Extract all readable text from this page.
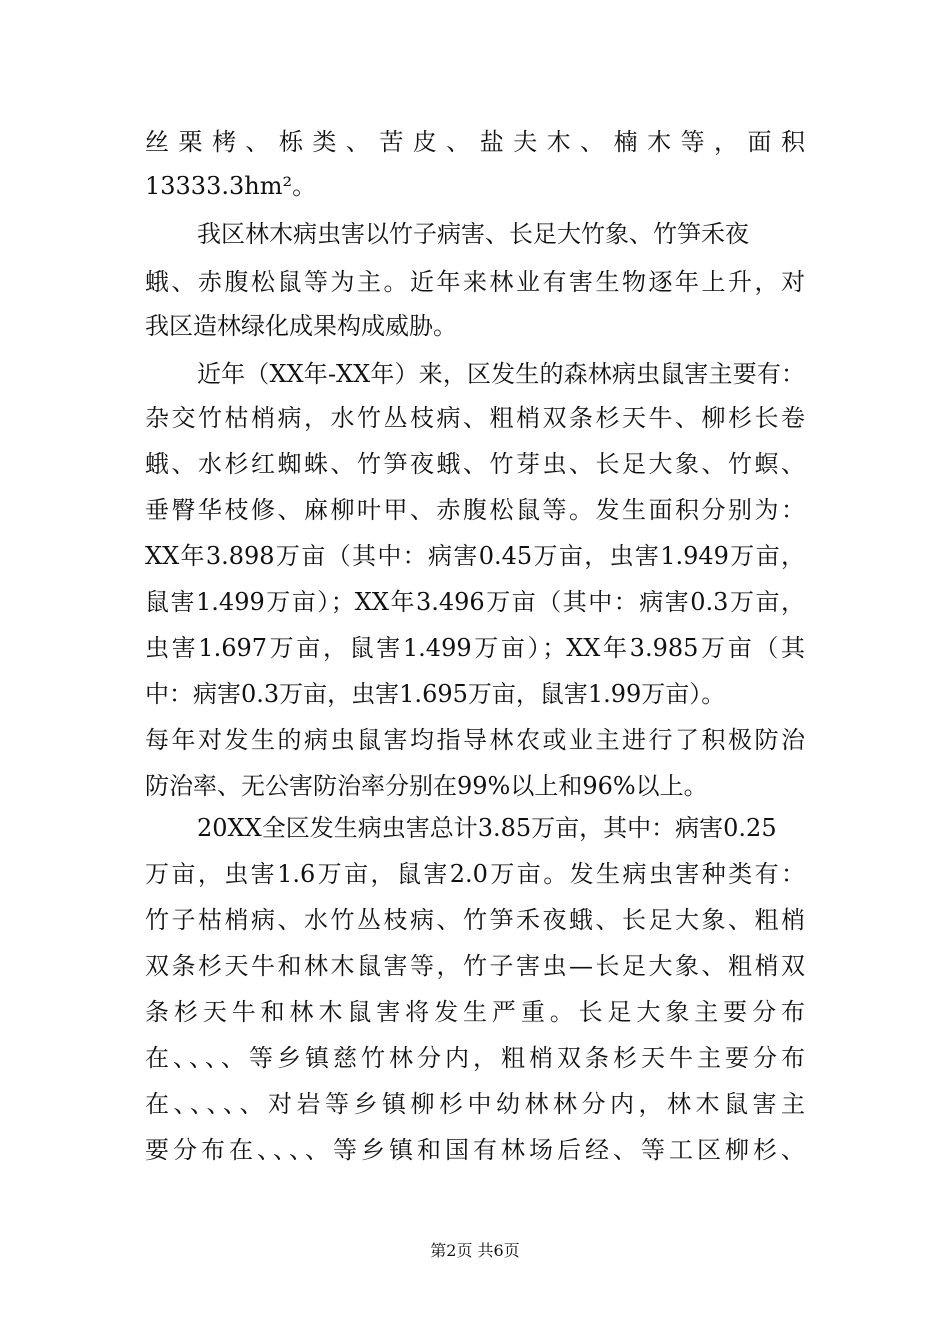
丝栗栲、栎类、苦皮、盐夫木、楠木等，面积

13333.3hm²。

我区林木病虫害以竹子病害、长足大竹象、竹笋禾夜

蛾、赤腹松鼠等为主。近年来林业有害生物逐年上升，对

我区造林绿化成果构成威胁。

近年（XX年-XX年）来，区发生的森林病虫鼠害主要有：

杂交竹枯梢病，水竹丛枝病、粗梢双条杉天牛、柳杉长卷

蛾、水杉红蜘蛛、竹笋夜蛾、竹芽虫、长足大象、竹螟、

垂臀华枝修、麻柳叶甲、赤腹松鼠等。发生面积分别为：

XX年3.898万亩（其中：病害0.45万亩，虫害1.949万亩，

鼠害1.499万亩）；XX年3.496万亩（其中：病害0.3万亩，

虫害1.697万亩，鼠害1.499万亩）；XX年3.985万亩（其

中：病害0.3万亩，虫害1.695万亩，鼠害1.99万亩）。

每年对发生的病虫鼠害均指导林农或业主进行了积极防治

防治率、无公害防治率分别在99%以上和96%以上。

20XX全区发生病虫害总计3.85万亩，其中：病害0.25

万亩，虫害1.6万亩，鼠害2.0万亩。发生病虫害种类有：

竹子枯梢病、水竹丛枝病、竹笋禾夜蛾、长足大象、粗梢

双条杉天牛和林木鼠害等，竹子害虫—长足大象、粗梢双

条杉天牛和林木鼠害将发生严重。长足大象主要分布

在、、、、等乡镇慈竹林分内，粗梢双条杉天牛主要分布

在、、、、、对岩等乡镇柳杉中幼林林分内，林木鼠害主

要分布在、、、、等乡镇和国有林场后经、等工区柳杉、

第2页 共6页
